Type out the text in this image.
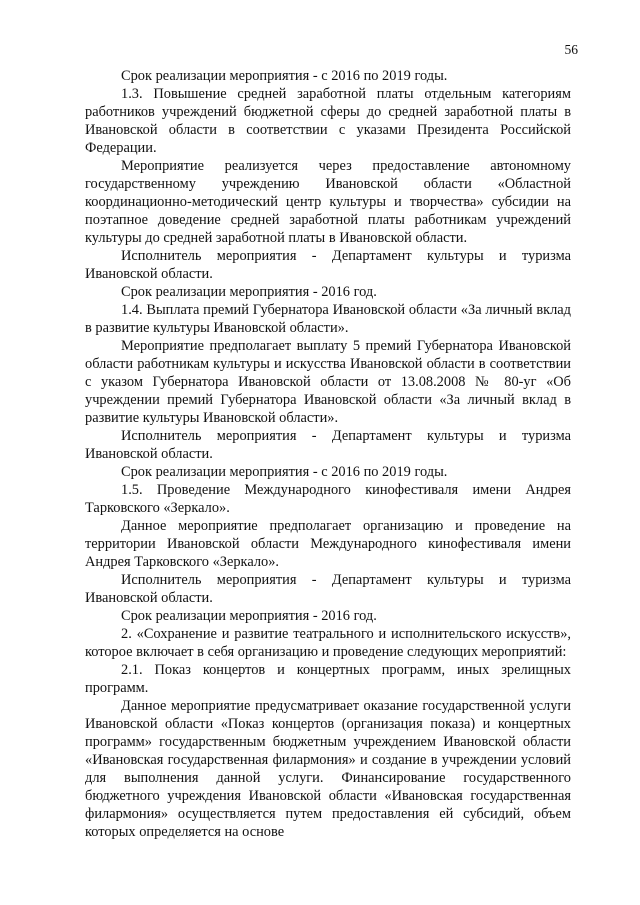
56

Срок реализации мероприятия - с 2016 по 2019 годы.

1.3. Повышение средней заработной платы отдельным категориям работников учреждений бюджетной сферы до средней заработной платы в Ивановской области в соответствии с указами Президента Российской Федерации.

Мероприятие реализуется через предоставление автономному государственному учреждению Ивановской области «Областной координационно-методический центр культуры и творчества» субсидии на поэтапное доведение средней заработной платы работникам учреждений культуры до средней заработной платы в Ивановской области.

Исполнитель мероприятия - Департамент культуры и туризма Ивановской области.

Срок реализации мероприятия - 2016 год.

1.4. Выплата премий Губернатора Ивановской области «За личный вклад в развитие культуры Ивановской области».

Мероприятие предполагает выплату 5 премий Губернатора Ивановской области работникам культуры и искусства Ивановской области в соответствии с указом Губернатора Ивановской области от 13.08.2008 № 80-уг «Об учреждении премий Губернатора Ивановской области «За личный вклад в развитие культуры Ивановской области».

Исполнитель мероприятия - Департамент культуры и туризма Ивановской области.

Срок реализации мероприятия - с 2016 по 2019 годы.

1.5. Проведение Международного кинофестиваля имени Андрея Тарковского «Зеркало».

Данное мероприятие предполагает организацию и проведение на территории Ивановской области Международного кинофестиваля имени Андрея Тарковского «Зеркало».

Исполнитель мероприятия - Департамент культуры и туризма Ивановской области.

Срок реализации мероприятия - 2016 год.

2. «Сохранение и развитие театрального и исполнительского искусств», которое включает в себя организацию и проведение следующих мероприятий:

2.1. Показ концертов и концертных программ, иных зрелищных программ.

Данное мероприятие предусматривает оказание государственной услуги Ивановской области «Показ концертов (организация показа) и концертных программ» государственным бюджетным учреждением Ивановской области «Ивановская государственная филармония» и создание в учреждении условий для выполнения данной услуги. Финансирование государственного бюджетного учреждения Ивановской области «Ивановская государственная филармония» осуществляется путем предоставления ей субсидий, объем которых определяется на основе
